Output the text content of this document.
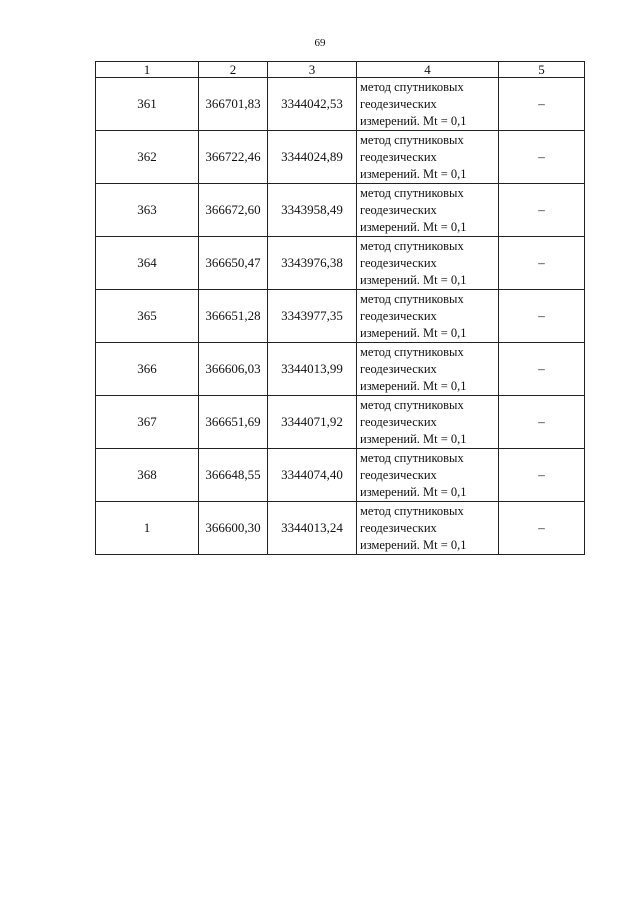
69
1	2	3	4	5
361	366701,83	3344042,53	метод спутниковых
геодезических
измерений. Mt = 0,1	–
362	366722,46	3344024,89	метод спутниковых
геодезических
измерений. Mt = 0,1	–
363	366672,60	3343958,49	метод спутниковых
геодезических
измерений. Mt = 0,1	–
364	366650,47	3343976,38	метод спутниковых
геодезических
измерений. Mt = 0,1	–
365	366651,28	3343977,35	метод спутниковых
геодезических
измерений. Mt = 0,1	–
366	366606,03	3344013,99	метод спутниковых
геодезических
измерений. Mt = 0,1	–
367	366651,69	3344071,92	метод спутниковых
геодезических
измерений. Mt = 0,1	–
368	366648,55	3344074,40	метод спутниковых
геодезических
измерений. Mt = 0,1	–
1	366600,30	3344013,24	метод спутниковых
геодезических
измерений. Mt = 0,1	–
